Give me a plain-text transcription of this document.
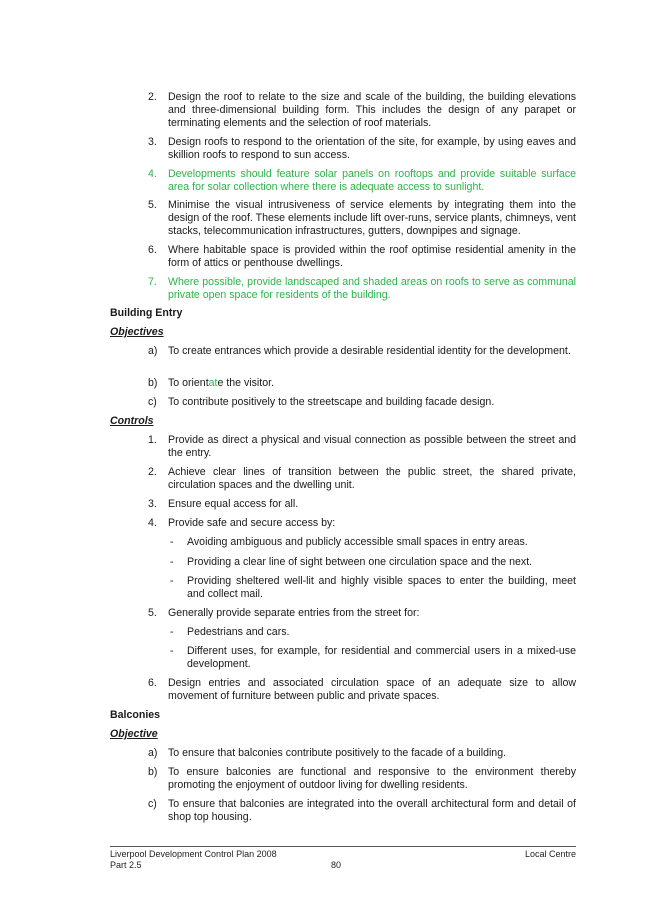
2.	Design the roof to relate to the size and scale of the building, the building elevations and three-dimensional building form. This includes the design of any parapet or terminating elements and the selection of roof materials.
3.	Design roofs to respond to the orientation of the site, for example, by using eaves and skillion roofs to respond to sun access.
4.	Developments should feature solar panels on rooftops and provide suitable surface area for solar collection where there is adequate access to sunlight.
5.	Minimise the visual intrusiveness of service elements by integrating them into the design of the roof. These elements include lift over-runs, service plants, chimneys, vent stacks, telecommunication infrastructures, gutters, downpipes and signage.
6.	Where habitable space is provided within the roof optimise residential amenity in the form of attics or penthouse dwellings.
7.	Where possible, provide landscaped and shaded areas on roofs to serve as communal private open space for residents of the building.
Building Entry
Objectives
a) To create entrances which provide a desirable residential identity for the development.
b) To orientate the visitor.
c)	To contribute positively to the streetscape and building facade design.
Controls
1.	Provide as direct a physical and visual connection as possible between the street and the entry.
2.	Achieve clear lines of transition between the public street, the shared private, circulation spaces and the dwelling unit.
3.	Ensure equal access for all.
4.	Provide safe and secure access by:
-	Avoiding ambiguous and publicly accessible small spaces in entry areas.
-	Providing a clear line of sight between one circulation space and the next.
-	Providing sheltered well-lit and highly visible spaces to enter the building, meet and collect mail.
5.	Generally provide separate entries from the street for:
-	Pedestrians and cars.
-	Different uses, for example, for residential and commercial users in a mixed-use development.
6.	Design entries and associated circulation space of an adequate size to allow movement of furniture between public and private spaces.
Balconies
Objective
a) To ensure that balconies contribute positively to the facade of a building.
b) To ensure balconies are functional and responsive to the environment thereby promoting the enjoyment of outdoor living for dwelling residents.
c)	To ensure that balconies are integrated into the overall architectural form and detail of shop top housing.
Liverpool Development Control Plan 2008
Part 2.5	80
Local Centre
